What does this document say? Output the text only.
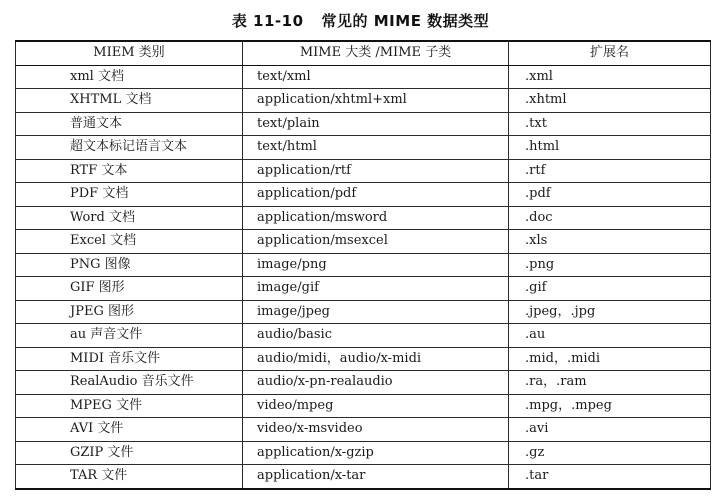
表 11-10 常见的 MIME 数据类型
MIEM 类别	MIME 大类 /MIME 子类	扩展名
xml 文档	text/xml	.xml
XHTML 文档	application/xhtml+xml	.xhtml
普通文本	text/plain	.txt
超文本标记语言文本	text/html	.html
RTF 文本	application/rtf	.rtf
PDF 文档	application/pdf	.pdf
Word 文档	application/msword	.doc
Excel 文档	application/msexcel	.xls
PNG 图像	image/png	.png
GIF 图形	image/gif	.gif
JPEG 图形	image/jpeg	.jpeg，.jpg
au 声音文件	audio/basic	.au
MIDI 音乐文件	audio/midi，audio/x-midi	.mid，.midi
RealAudio 音乐文件	audio/x-pn-realaudio	.ra，.ram
MPEG 文件	video/mpeg	.mpg，.mpeg
AVI 文件	video/x-msvideo	.avi
GZIP 文件	application/x-gzip	.gz
TAR 文件	application/x-tar	.tar
